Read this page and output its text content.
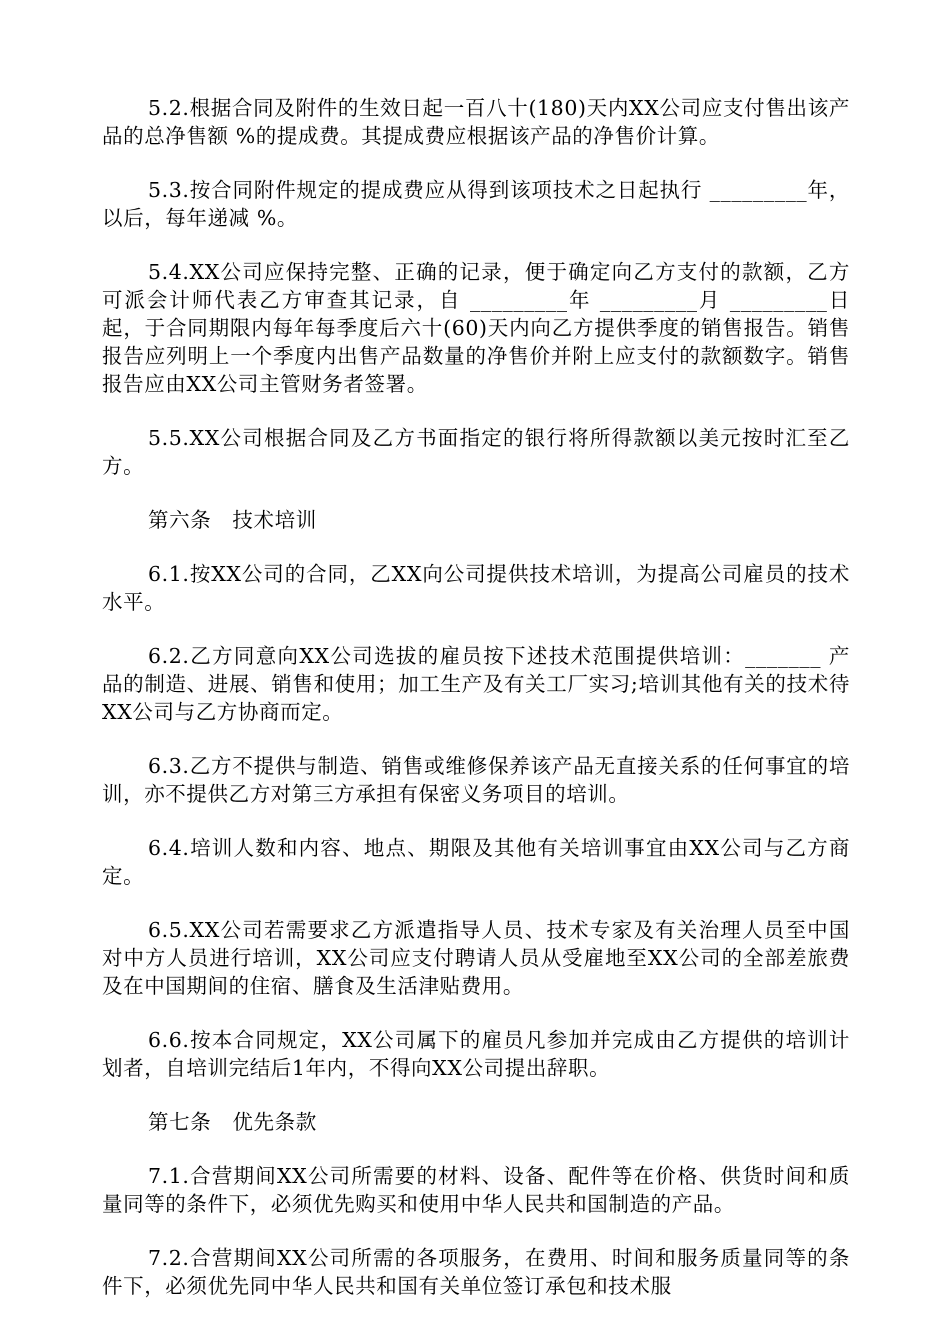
5.2.根据合同及附件的生效日起一百八十(180)天内XX公司应支付售出该产品的总净售额 %的提成费。其提成费应根据该产品的净售价计算。

5.3.按合同附件规定的提成费应从得到该项技术之日起执行 _________年，以后，每年递减 %。

5.4.XX公司应保持完整、正确的记录，便于确定向乙方支付的款额，乙方可派会计师代表乙方审查其记录，自 _________年 _________月 _________日起，于合同期限内每年每季度后六十(60)天内向乙方提供季度的销售报告。销售报告应列明上一个季度内出售产品数量的净售价并附上应支付的款额数字。销售报告应由XX公司主管财务者签署。

5.5.XX公司根据合同及乙方书面指定的银行将所得款额以美元按时汇至乙方。

第六条　技术培训

6.1.按XX公司的合同，乙XX向公司提供技术培训，为提高公司雇员的技术水平。

6.2.乙方同意向XX公司选拔的雇员按下述技术范围提供培训：_______ 产品的制造、进展、销售和使用；加工生产及有关工厂实习;培训其他有关的技术待XX公司与乙方协商而定。

6.3.乙方不提供与制造、销售或维修保养该产品无直接关系的任何事宜的培训，亦不提供乙方对第三方承担有保密义务项目的培训。

6.4.培训人数和内容、地点、期限及其他有关培训事宜由XX公司与乙方商定。

6.5.XX公司若需要求乙方派遣指导人员、技术专家及有关治理人员至中国对中方人员进行培训，XX公司应支付聘请人员从受雇地至XX公司的全部差旅费及在中国期间的住宿、膳食及生活津贴费用。

6.6.按本合同规定，XX公司属下的雇员凡参加并完成由乙方提供的培训计划者，自培训完结后1年内，不得向XX公司提出辞职。

第七条　优先条款

7.1.合营期间XX公司所需要的材料、设备、配件等在价格、供货时间和质量同等的条件下，必须优先购买和使用中华人民共和国制造的产品。

7.2.合营期间XX公司所需的各项服务，在费用、时间和服务质量同等的条件下，必须优先同中华人民共和国有关单位签订承包和技术服
